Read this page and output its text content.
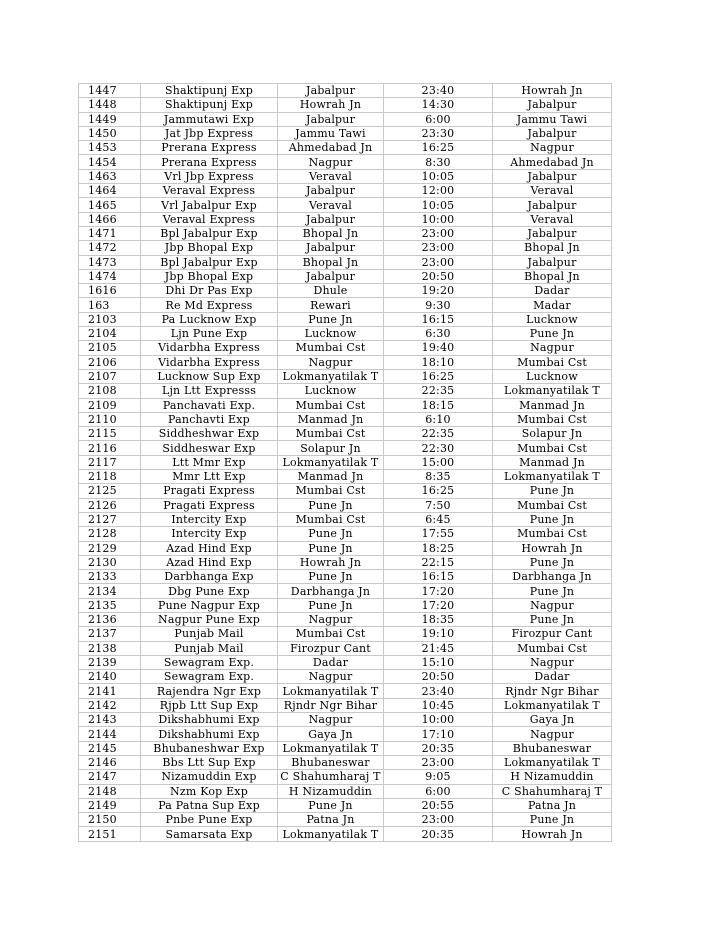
1447	Shaktipunj Exp	Jabalpur	23:40	Howrah Jn
1448	Shaktipunj Exp	Howrah Jn	14:30	Jabalpur
1449	Jammutawi Exp	Jabalpur	6:00	Jammu Tawi
1450	Jat Jbp Express	Jammu Tawi	23:30	Jabalpur
1453	Prerana Express	Ahmedabad Jn	16:25	Nagpur
1454	Prerana Express	Nagpur	8:30	Ahmedabad Jn
1463	Vrl Jbp Express	Veraval	10:05	Jabalpur
1464	Veraval Express	Jabalpur	12:00	Veraval
1465	Vrl Jabalpur Exp	Veraval	10:05	Jabalpur
1466	Veraval Express	Jabalpur	10:00	Veraval
1471	Bpl Jabalpur Exp	Bhopal Jn	23:00	Jabalpur
1472	Jbp Bhopal Exp	Jabalpur	23:00	Bhopal Jn
1473	Bpl Jabalpur Exp	Bhopal Jn	23:00	Jabalpur
1474	Jbp Bhopal Exp	Jabalpur	20:50	Bhopal Jn
1616	Dhi Dr Pas Exp	Dhule	19:20	Dadar
163	Re Md Express	Rewari	9:30	Madar
2103	Pa Lucknow Exp	Pune Jn	16:15	Lucknow
2104	Ljn Pune Exp	Lucknow	6:30	Pune Jn
2105	Vidarbha Express	Mumbai Cst	19:40	Nagpur
2106	Vidarbha Express	Nagpur	18:10	Mumbai Cst
2107	Lucknow Sup Exp	Lokmanyatilak T	16:25	Lucknow
2108	Ljn Ltt Expresss	Lucknow	22:35	Lokmanyatilak T
2109	Panchavati Exp.	Mumbai Cst	18:15	Manmad Jn
2110	Panchavti Exp	Manmad Jn	6:10	Mumbai Cst
2115	Siddheshwar Exp	Mumbai Cst	22:35	Solapur Jn
2116	Siddheswar Exp	Solapur Jn	22:30	Mumbai Cst
2117	Ltt Mmr Exp	Lokmanyatilak T	15:00	Manmad Jn
2118	Mmr Ltt Exp	Manmad Jn	8:35	Lokmanyatilak T
2125	Pragati Express	Mumbai Cst	16:25	Pune Jn
2126	Pragati Express	Pune Jn	7:50	Mumbai Cst
2127	Intercity Exp	Mumbai Cst	6:45	Pune Jn
2128	Intercity Exp	Pune Jn	17:55	Mumbai Cst
2129	Azad Hind Exp	Pune Jn	18:25	Howrah Jn
2130	Azad Hind Exp	Howrah Jn	22:15	Pune Jn
2133	Darbhanga Exp	Pune Jn	16:15	Darbhanga Jn
2134	Dbg Pune Exp	Darbhanga Jn	17:20	Pune Jn
2135	Pune Nagpur Exp	Pune Jn	17:20	Nagpur
2136	Nagpur Pune Exp	Nagpur	18:35	Pune Jn
2137	Punjab Mail	Mumbai Cst	19:10	Firozpur Cant
2138	Punjab Mail	Firozpur Cant	21:45	Mumbai Cst
2139	Sewagram Exp.	Dadar	15:10	Nagpur
2140	Sewagram Exp.	Nagpur	20:50	Dadar
2141	Rajendra Ngr Exp	Lokmanyatilak T	23:40	Rjndr Ngr Bihar
2142	Rjpb Ltt Sup Exp	Rjndr Ngr Bihar	10:45	Lokmanyatilak T
2143	Dikshabhumi Exp	Nagpur	10:00	Gaya Jn
2144	Dikshabhumi Exp	Gaya Jn	17:10	Nagpur
2145	Bhubaneshwar Exp	Lokmanyatilak T	20:35	Bhubaneswar
2146	Bbs Ltt Sup Exp	Bhubaneswar	23:00	Lokmanyatilak T
2147	Nizamuddin Exp	C Shahumharaj T	9:05	H Nizamuddin
2148	Nzm Kop Exp	H Nizamuddin	6:00	C Shahumharaj T
2149	Pa Patna Sup Exp	Pune Jn	20:55	Patna Jn
2150	Pnbe Pune Exp	Patna Jn	23:00	Pune Jn
2151	Samarsata Exp	Lokmanyatilak T	20:35	Howrah Jn
